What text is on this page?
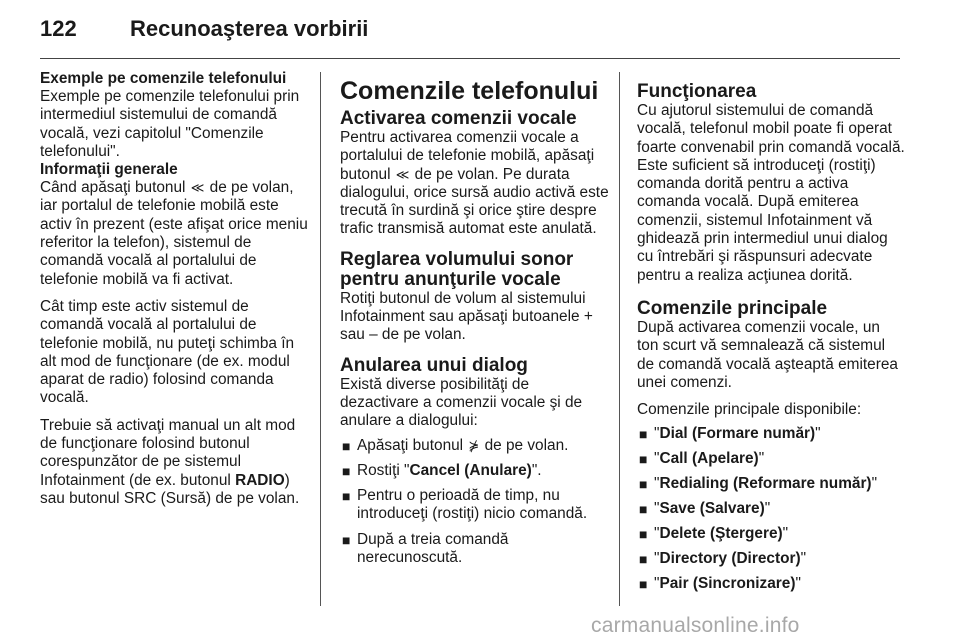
122 Recunoaşterea vorbirii

Exemple pe comenzile telefonului

Exemple pe comenzile telefonului prin intermediul sistemului de comandă vocală, vezi capitolul "Comenzile telefonului".

Informaţii generale

Când apăsaţi butonul ≪ de pe volan, iar portalul de telefonie mobilă este activ în prezent (este afişat orice meniu referitor la telefon), sistemul de comandă vocală al portalului de telefonie mobilă va fi activat.

Cât timp este activ sistemul de comandă vocală al portalului de telefonie mobilă, nu puteţi schimba în alt mod de funcţionare (de ex. modul aparat de radio) folosind comanda vocală.

Trebuie să activaţi manual un alt mod de funcţionare folosind butonul corespunzător de pe sistemul Infotainment (de ex. butonul RADIO) sau butonul SRC (Sursă) de pe volan.

Comenzile telefonului

Activarea comenzii vocale

Pentru activarea comenzii vocale a portalului de telefonie mobilă, apăsaţi butonul ≪ de pe volan. Pe durata dialogului, orice sursă audio activă este trecută în surdină şi orice ştire despre trafic transmisă automat este anulată.

Reglarea volumului sonor pentru anunţurile vocale

Rotiţi butonul de volum al sistemului Infotainment sau apăsaţi butoanele + sau – de pe volan.

Anularea unui dialog

Există diverse posibilităţi de dezactivare a comenzii vocale şi de anulare a dialogului:

■ Apăsaţi butonul ⋡ de pe volan.
■ Rostiţi "Cancel (Anulare)".
■ Pentru o perioadă de timp, nu introduceţi (rostiţi) nicio comandă.
■ După a treia comandă nerecunoscută.

Funcţionarea

Cu ajutorul sistemului de comandă vocală, telefonul mobil poate fi operat foarte convenabil prin comandă vocală. Este suficient să introduceţi (rostiţi) comanda dorită pentru a activa comanda vocală. După emiterea comenzii, sistemul Infotainment vă ghidează prin intermediul unui dialog cu întrebări şi răspunsuri adecvate pentru a realiza acţiunea dorită.

Comenzile principale

După activarea comenzii vocale, un ton scurt vă semnalează că sistemul de comandă vocală aşteaptă emiterea unei comenzi.

Comenzile principale disponibile:

■ "Dial (Formare număr)"
■ "Call (Apelare)"
■ "Redialing (Reformare număr)"
■ "Save (Salvare)"
■ "Delete (Ştergere)"
■ "Directory (Director)"
■ "Pair (Sincronizare)"
carmanualsonline.info
